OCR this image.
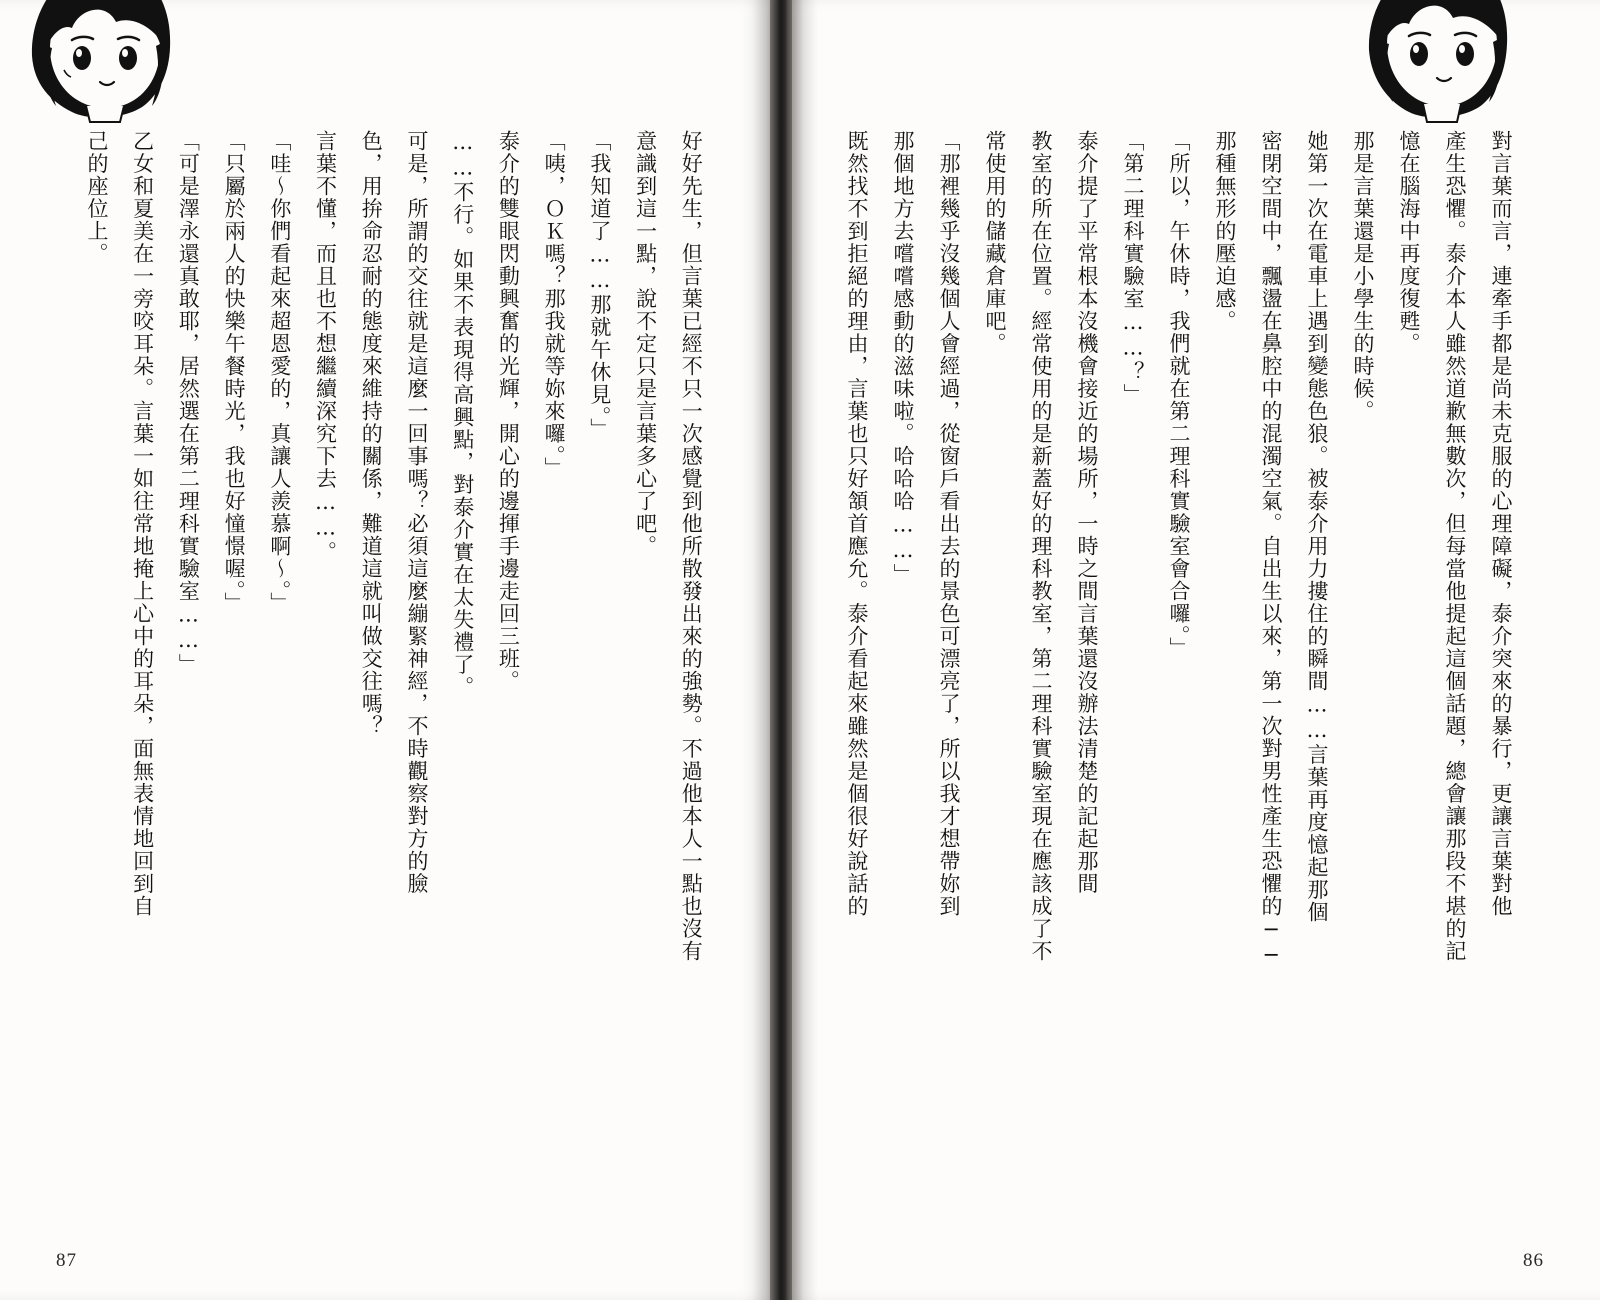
好好先生，但言葉已經不只一次感覺到他所散發出來的強勢。不過他本人一點也沒有
意識到這一點，說不定只是言葉多心了吧。
「我知道了……那就午休見。」
「咦，ＯＫ嗎？那我就等妳來囉。」
泰介的雙眼閃動興奮的光輝，開心的邊揮手邊走回三班。
……不行。如果不表現得高興點，對泰介實在太失禮了。
可是，所謂的交往就是這麼一回事嗎？必須這麼繃緊神經，不時觀察對方的臉
色，用拚命忍耐的態度來維持的關係，難道這就叫做交往嗎？
言葉不懂，而且也不想繼續深究下去……。
「哇～你們看起來超恩愛的，真讓人羨慕啊～。」
「只屬於兩人的快樂午餐時光，我也好憧憬喔。」
「可是澤永還真敢耶，居然選在第二理科實驗室……」
乙女和夏美在一旁咬耳朵。言葉一如往常地掩上心中的耳朵，面無表情地回到自
己的座位上。	對言葉而言，連牽手都是尚未克服的心理障礙，泰介突來的暴行，更讓言葉對他
產生恐懼。泰介本人雖然道歉無數次，但每當他提起這個話題，總會讓那段不堪的記
憶在腦海中再度復甦。
那是言葉還是小學生的時候。
她第一次在電車上遇到變態色狼。被泰介用力摟住的瞬間……言葉再度憶起那個
密閉空間中，飄盪在鼻腔中的混濁空氣。自出生以來，第一次對男性產生恐懼的──
那種無形的壓迫感。
「所以，午休時，我們就在第二理科實驗室會合囉。」
「第二理科實驗室……？」
泰介提了平常根本沒機會接近的場所，一時之間言葉還沒辦法清楚的記起那間
教室的所在位置。經常使用的是新蓋好的理科教室，第二理科實驗室現在應該成了不
常使用的儲藏倉庫吧。
「那裡幾乎沒幾個人會經過，從窗戶看出去的景色可漂亮了，所以我才想帶妳到
那個地方去嚐嚐感動的滋味啦。哈哈哈……」
既然找不到拒絕的理由，言葉也只好頷首應允。泰介看起來雖然是個很好說話的
87	86
